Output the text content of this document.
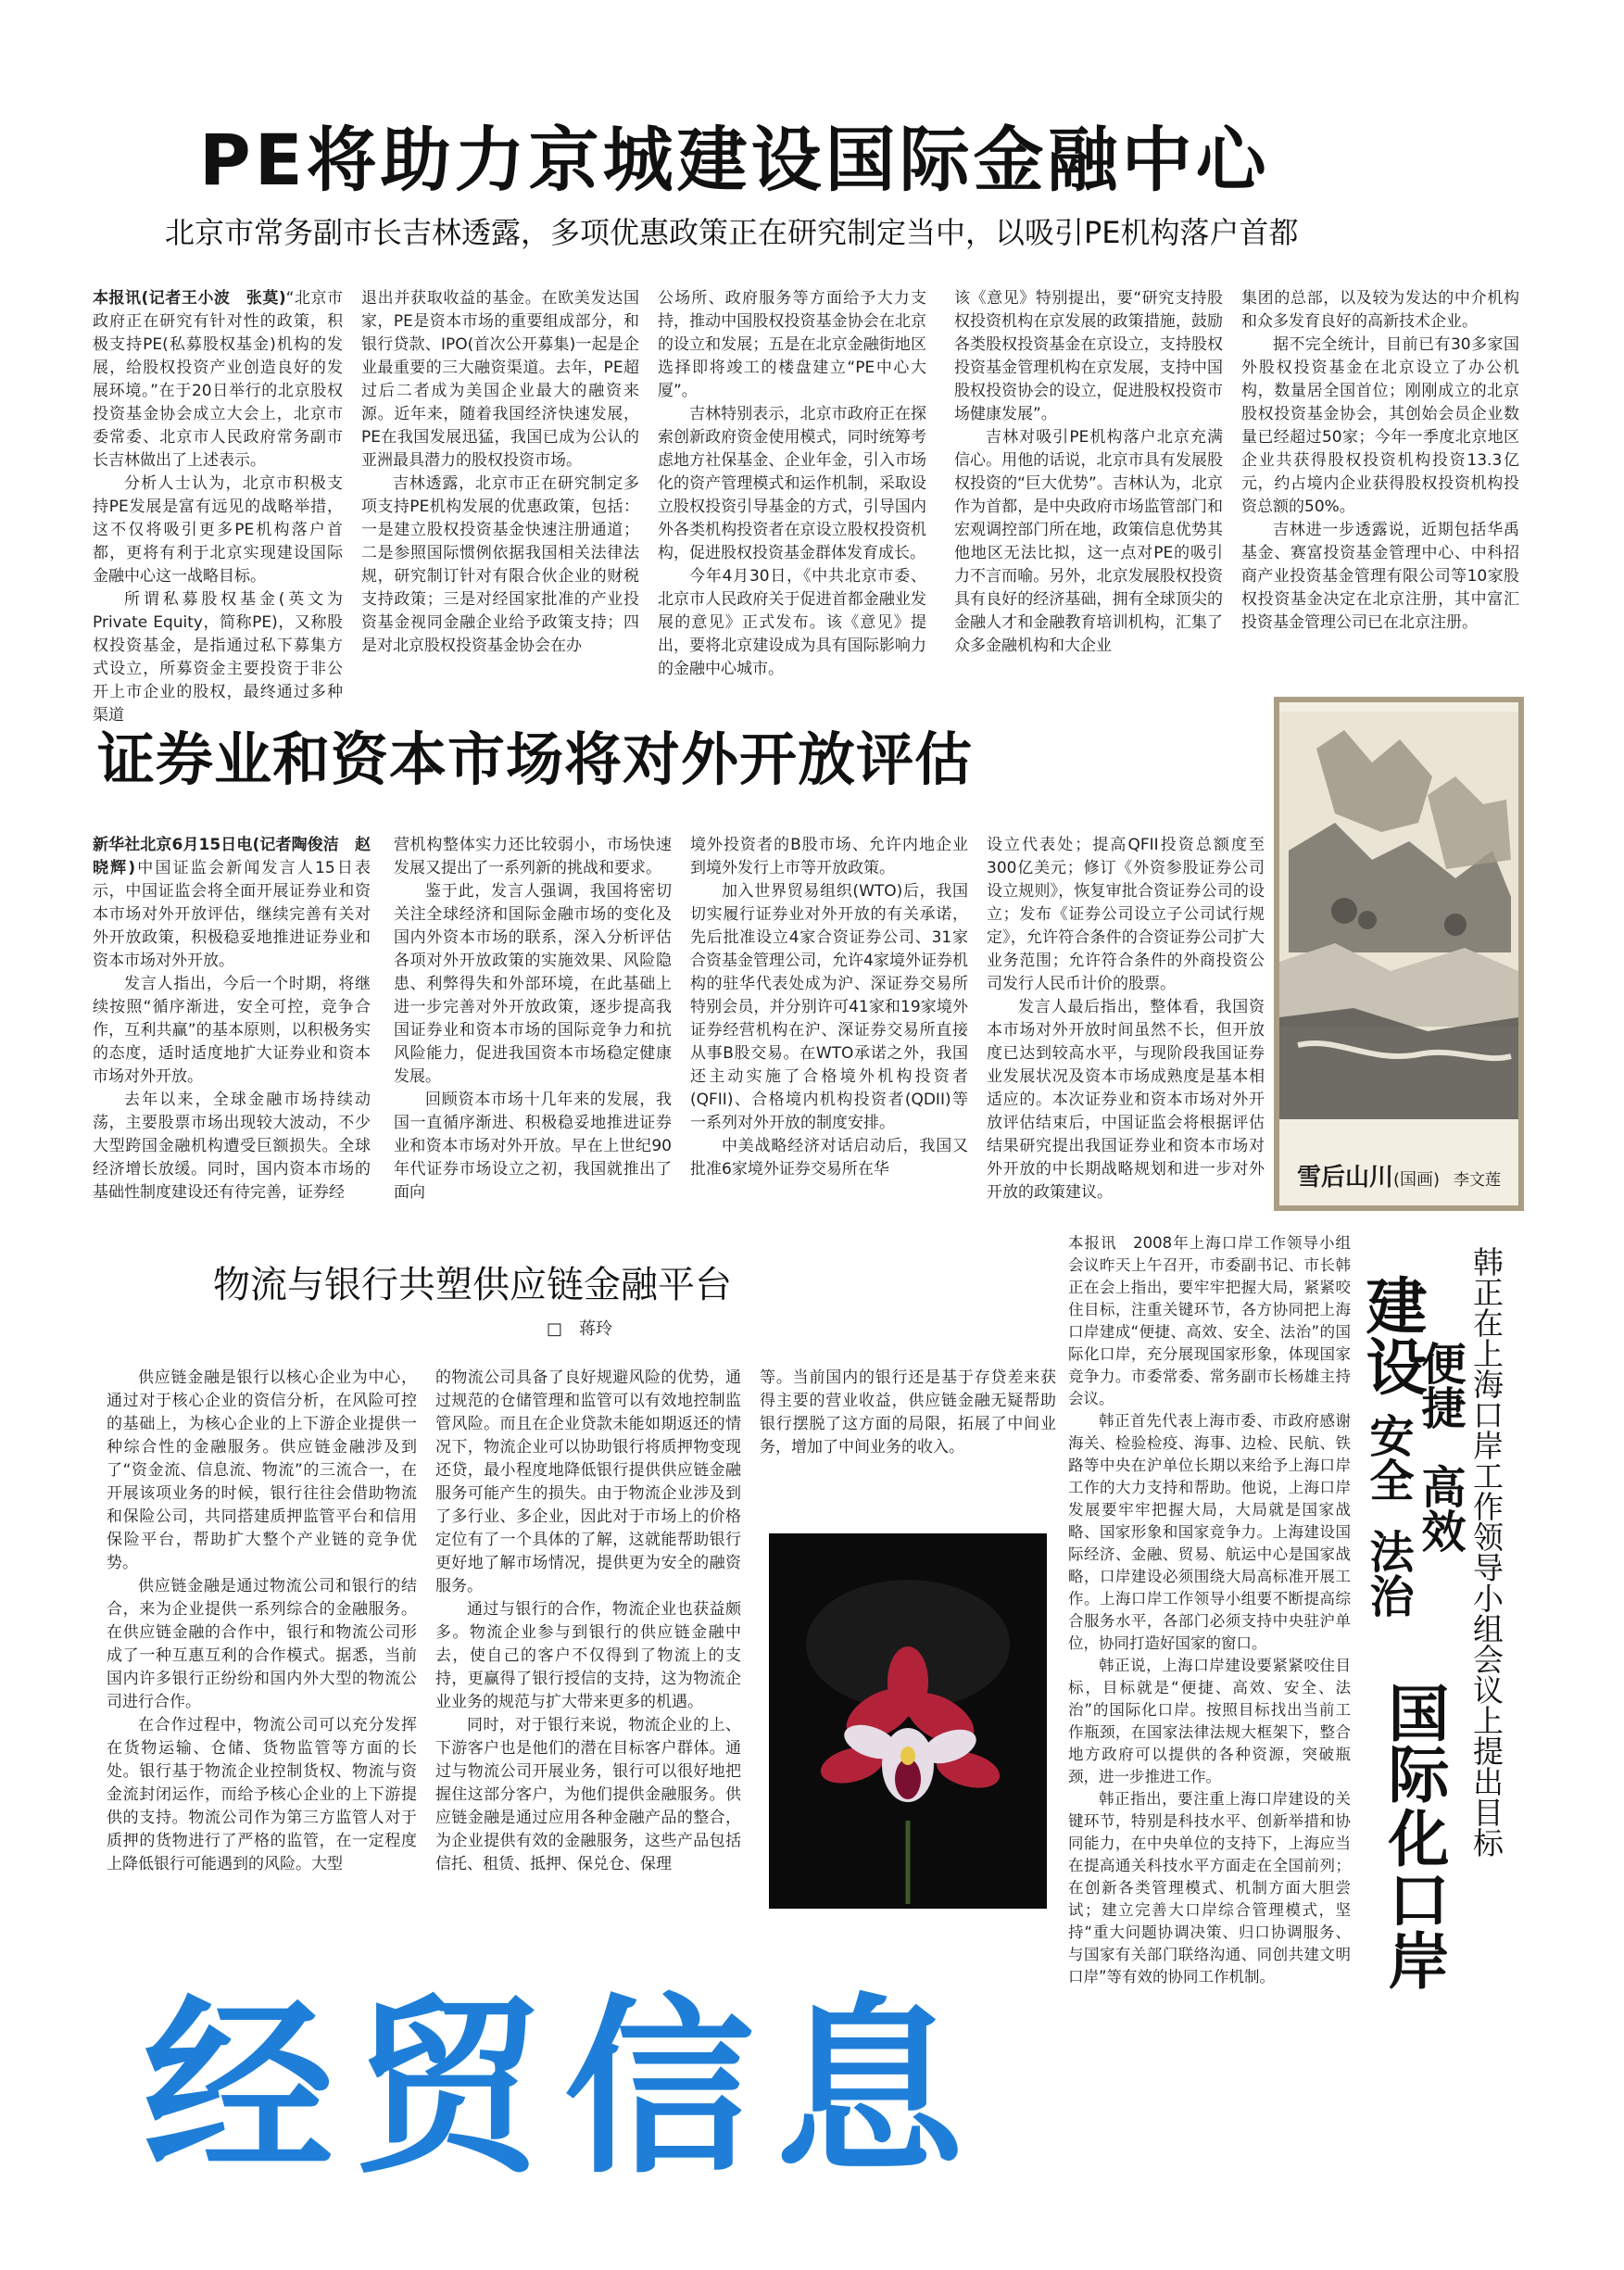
PE将助力京城建设国际金融中心
北京市常务副市长吉林透露，多项优惠政策正在研究制定当中，以吸引PE机构落户首都

本报讯(记者王小波　张莫)“北京市政府正在研究有针对性的政策，积极支持PE(私募股权基金)机构的发展，给股权投资产业创造良好的发展环境。”在于20日举行的北京股权投资基金协会成立大会上，北京市委常委、北京市人民政府常务副市长吉林做出了上述表示。

分析人士认为，北京市积极支持PE发展是富有远见的战略举措，这不仅将吸引更多PE机构落户首都，更将有利于北京实现建设国际金融中心这一战略目标。

所谓私募股权基金(英文为Private Equity，简称PE)，又称股权投资基金，是指通过私下募集方式设立，所募资金主要投资于非公开上市企业的股权，最终通过多种渠道

退出并获取收益的基金。在欧美发达国家，PE是资本市场的重要组成部分，和银行贷款、IPO(首次公开募集)一起是企业最重要的三大融资渠道。去年，PE超过后二者成为美国企业最大的融资来源。近年来，随着我国经济快速发展，PE在我国发展迅猛，我国已成为公认的亚洲最具潜力的股权投资市场。

吉林透露，北京市正在研究制定多项支持PE机构发展的优惠政策，包括：一是建立股权投资基金快速注册通道；二是参照国际惯例依据我国相关法律法规，研究制订针对有限合伙企业的财税支持政策；三是对经国家批准的产业投资基金视同金融企业给予政策支持；四是对北京股权投资基金协会在办

公场所、政府服务等方面给予大力支持，推动中国股权投资基金协会在北京的设立和发展；五是在北京金融街地区选择即将竣工的楼盘建立“PE中心大厦”。

吉林特别表示，北京市政府正在探索创新政府资金使用模式，同时统筹考虑地方社保基金、企业年金，引入市场化的资产管理模式和运作机制，采取设立股权投资引导基金的方式，引导国内外各类机构投资者在京设立股权投资机构，促进股权投资基金群体发育成长。

今年4月30日，《中共北京市委、北京市人民政府关于促进首都金融业发展的意见》正式发布。该《意见》提出，要将北京建设成为具有国际影响力的金融中心城市。

该《意见》特别提出，要“研究支持股权投资机构在京发展的政策措施，鼓励各类股权投资基金在京设立，支持股权投资基金管理机构在京发展，支持中国股权投资协会的设立，促进股权投资市场健康发展”。

吉林对吸引PE机构落户北京充满信心。用他的话说，北京市具有发展股权投资的“巨大优势”。吉林认为，北京作为首都，是中央政府市场监管部门和宏观调控部门所在地，政策信息优势其他地区无法比拟，这一点对PE的吸引力不言而喻。另外，北京发展股权投资具有良好的经济基础，拥有全球顶尖的金融人才和金融教育培训机构，汇集了众多金融机构和大企业

集团的总部，以及较为发达的中介机构和众多发育良好的高新技术企业。

据不完全统计，目前已有30多家国外股权投资基金在北京设立了办公机构，数量居全国首位；刚刚成立的北京股权投资基金协会，其创始会员企业数量已经超过50家；今年一季度北京地区企业共获得股权投资机构投资13.3亿元，约占境内企业获得股权投资机构投资总额的50%。

吉林进一步透露说，近期包括华禹基金、赛富投资基金管理中心、中科招商产业投资基金管理有限公司等10家股权投资基金决定在北京注册，其中富汇投资基金管理公司已在北京注册。

证券业和资本市场将对外开放评估

新华社北京6月15日电(记者陶俊洁　赵晓辉)中国证监会新闻发言人15日表示，中国证监会将全面开展证券业和资本市场对外开放评估，继续完善有关对外开放政策，积极稳妥地推进证券业和资本市场对外开放。

发言人指出，今后一个时期，将继续按照“循序渐进，安全可控，竞争合作，互利共赢”的基本原则，以积极务实的态度，适时适度地扩大证券业和资本市场对外开放。

去年以来，全球金融市场持续动荡，主要股票市场出现较大波动，不少大型跨国金融机构遭受巨额损失。全球经济增长放缓。同时，国内资本市场的基础性制度建设还有待完善，证券经

营机构整体实力还比较弱小，市场快速发展又提出了一系列新的挑战和要求。

鉴于此，发言人强调，我国将密切关注全球经济和国际金融市场的变化及国内外资本市场的联系，深入分析评估各项对外开放政策的实施效果、风险隐患、利弊得失和外部环境，在此基础上进一步完善对外开放政策，逐步提高我国证券业和资本市场的国际竞争力和抗风险能力，促进我国资本市场稳定健康发展。

回顾资本市场十几年来的发展，我国一直循序渐进、积极稳妥地推进证券业和资本市场对外开放。早在上世纪90年代证券市场设立之初，我国就推出了面向

境外投资者的B股市场、允许内地企业到境外发行上市等开放政策。

加入世界贸易组织(WTO)后，我国切实履行证券业对外开放的有关承诺，先后批准设立4家合资证券公司、31家合资基金管理公司，允许4家境外证券机构的驻华代表处成为沪、深证券交易所特别会员，并分别许可41家和19家境外证券经营机构在沪、深证券交易所直接从事B股交易。在WTO承诺之外，我国还主动实施了合格境外机构投资者(QFII)、合格境内机构投资者(QDII)等一系列对外开放的制度安排。

中美战略经济对话启动后，我国又批准6家境外证券交易所在华

设立代表处；提高QFII投资总额度至300亿美元；修订《外资参股证券公司设立规则》，恢复审批合资证券公司的设立；发布《证券公司设立子公司试行规定》，允许符合条件的合资证券公司扩大业务范围；允许符合条件的外商投资公司发行人民币计价的股票。

发言人最后指出，整体看，我国资本市场对外开放时间虽然不长，但开放度已达到较高水平，与现阶段我国证券业发展状况及资本市场成熟度是基本相适应的。本次证券业和资本市场对外开放评估结束后，中国证监会将根据评估结果研究提出我国证券业和资本市场对外开放的中长期战略规划和进一步对外开放的政策建议。

雪后山川(国画) 李文莲
物流与银行共塑供应链金融平台
□　蒋玲

供应链金融是银行以核心企业为中心，通过对于核心企业的资信分析，在风险可控的基础上，为核心企业的上下游企业提供一种综合性的金融服务。供应链金融涉及到了“资金流、信息流、物流”的三流合一，在开展该项业务的时候，银行往往会借助物流和保险公司，共同搭建质押监管平台和信用保险平台，帮助扩大整个产业链的竞争优势。

供应链金融是通过物流公司和银行的结合，来为企业提供一系列综合的金融服务。在供应链金融的合作中，银行和物流公司形成了一种互惠互利的合作模式。据悉，当前国内许多银行正纷纷和国内外大型的物流公司进行合作。

在合作过程中，物流公司可以充分发挥在货物运输、仓储、货物监管等方面的长处。银行基于物流企业控制货权、物流与资金流封闭运作，而给予核心企业的上下游提供的支持。物流公司作为第三方监管人对于质押的货物进行了严格的监管，在一定程度上降低银行可能遇到的风险。大型

的物流公司具备了良好规避风险的优势，通过规范的仓储管理和监管可以有效地控制监管风险。而且在企业贷款未能如期返还的情况下，物流企业可以协助银行将质押物变现还贷，最小程度地降低银行提供供应链金融服务可能产生的损失。由于物流企业涉及到了多行业、多企业，因此对于市场上的价格定位有了一个具体的了解，这就能帮助银行更好地了解市场情况，提供更为安全的融资服务。

通过与银行的合作，物流企业也获益颇多。物流企业参与到银行的供应链金融中去，使自己的客户不仅得到了物流上的支持，更赢得了银行授信的支持，这为物流企业业务的规范与扩大带来更多的机遇。

同时，对于银行来说，物流企业的上、下游客户也是他们的潜在目标客户群体。通过与物流公司开展业务，银行可以很好地把握住这部分客户，为他们提供金融服务。供应链金融是通过应用各种金融产品的整合，为企业提供有效的金融服务，这些产品包括信托、租赁、抵押、保兑仓、保理

等。当前国内的银行还是基于存贷差来获得主要的营业收益，供应链金融无疑帮助银行摆脱了这方面的局限，拓展了中间业务，增加了中间业务的收入。	韩正在上海口岸工作领导小组会议上提出目标
建设
便捷
高效
安全
法治
国际
化口岸

本报讯　2008年上海口岸工作领导小组会议昨天上午召开，市委副书记、市长韩正在会上指出，要牢牢把握大局，紧紧咬住目标，注重关键环节，各方协同把上海口岸建成“便捷、高效、安全、法治”的国际化口岸，充分展现国家形象，体现国家竞争力。市委常委、常务副市长杨雄主持会议。

韩正首先代表上海市委、市政府感谢海关、检验检疫、海事、边检、民航、铁路等中央在沪单位长期以来给予上海口岸工作的大力支持和帮助。他说，上海口岸发展要牢牢把握大局，大局就是国家战略、国家形象和国家竞争力。上海建设国际经济、金融、贸易、航运中心是国家战略，口岸建设必须围绕大局高标准开展工作。上海口岸工作领导小组要不断提高综合服务水平，各部门必须支持中央驻沪单位，协同打造好国家的窗口。

韩正说，上海口岸建设要紧紧咬住目标，目标就是“便捷、高效、安全、法治”的国际化口岸。按照目标找出当前工作瓶颈，在国家法律法规大框架下，整合地方政府可以提供的各种资源，突破瓶颈，进一步推进工作。

韩正指出，要注重上海口岸建设的关键环节，特别是科技水平、创新举措和协同能力，在中央单位的支持下，上海应当在提高通关科技水平方面走在全国前列；在创新各类管理模式、机制方面大胆尝试；建立完善大口岸综合管理模式，坚持“重大问题协调决策、归口协调服务、与国家有关部门联络沟通、同创共建文明口岸”等有效的协同工作机制。

经贸信息
